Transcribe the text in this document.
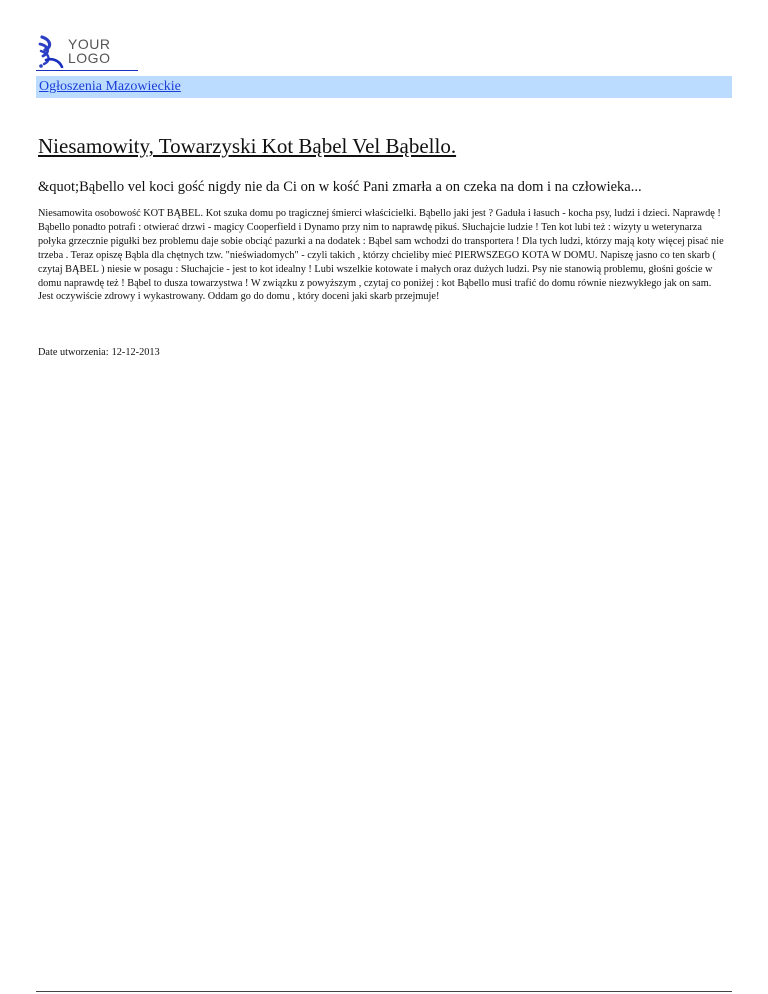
YOUR
LOGO
Ogłoszenia Mazowieckie
Niesamowity, Towarzyski Kot Bąbel Vel Bąbello.

&quot;Bąbello vel koci gość nigdy nie da Ci on w kość Pani zmarła a on czeka na dom i na człowieka...

Niesamowita osobowość KOT BĄBEL. Kot szuka domu po tragicznej śmierci właścicielki. Bąbello jaki jest ? Gaduła i łasuch - kocha psy, ludzi i dzieci. Naprawdę ! Bąbello ponadto potrafi : otwierać drzwi - magicy Cooperfield i Dynamo przy nim to naprawdę pikuś. Słuchajcie ludzie ! Ten kot lubi też : wizyty u weterynarza połyka grzecznie pigułki bez problemu daje sobie obciąć pazurki a na dodatek : Bąbel sam wchodzi do transportera ! Dla tych ludzi, którzy mają koty więcej pisać nie trzeba . Teraz opiszę Bąbla dla chętnych tzw. "nieświadomych" - czyli takich , którzy chcieliby mieć PIERWSZEGO KOTA W DOMU. Napiszę jasno co ten skarb ( czytaj BĄBEL ) niesie w posagu : Słuchajcie - jest to kot idealny ! Lubi wszelkie kotowate i małych oraz dużych ludzi. Psy nie stanowią problemu, głośni goście w domu naprawdę też ! Bąbel to dusza towarzystwa ! W związku z powyższym , czytaj co poniżej : kot Bąbello musi trafić do domu równie niezwykłego jak on sam. Jest oczywiście zdrowy i wykastrowany. Oddam go do domu , który doceni jaki skarb przejmuje!

Date utworzenia: 12-12-2013
